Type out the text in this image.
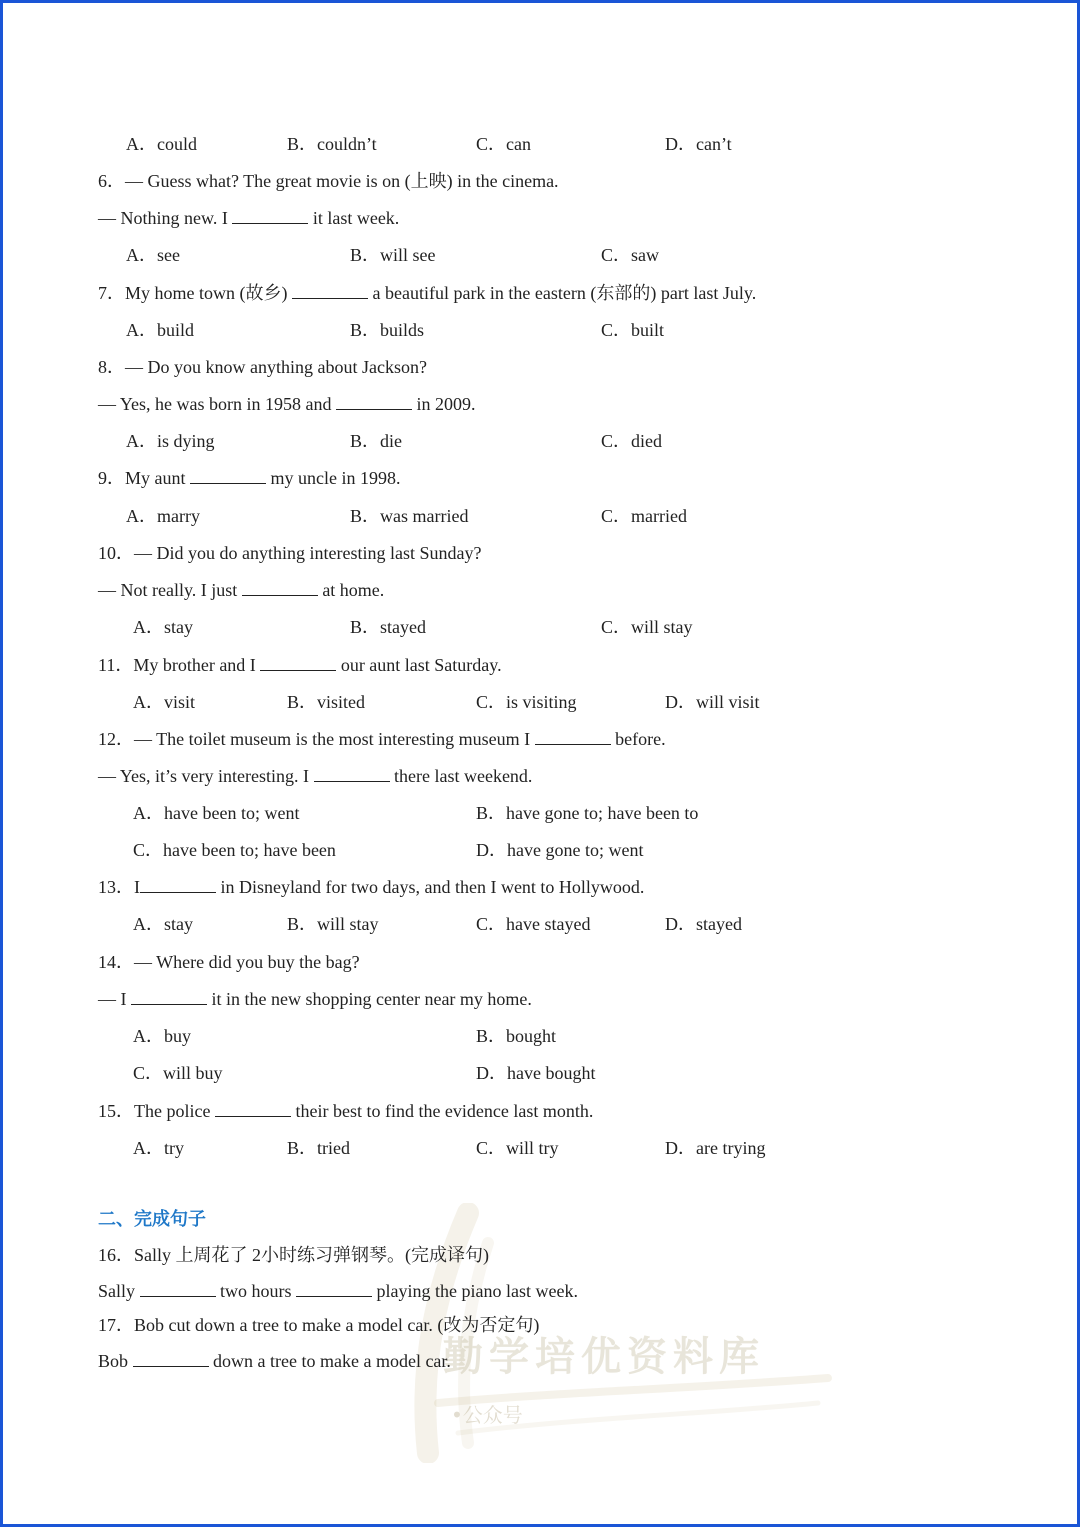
A．could	B．couldn’t	C．can	D．can’t
6．— Guess what? The great movie is on (上映) in the cinema.
— Nothing new. I	it last week.
A．see	B．will see	C．saw
7．My home town (故乡)	a beautiful park in the eastern (东部的) part last July.
A．build	B．builds	C．built
8．— Do you know anything about Jackson?
— Yes, he was born in 1958 and	in 2009.
A．is dying	B．die	C．died
9．My aunt	my uncle in 1998.
A．marry	B．was married	C．married
10．— Did you do anything interesting last Sunday?
— Not really. I just	at home.
A．stay	B．stayed	C．will stay
11．My brother and I	our aunt last Saturday.
A．visit	B．visited	C．is visiting	D．will visit
12．— The toilet museum is the most interesting museum I	before.
— Yes, it’s very interesting. I	there last weekend.
A．have been to; went	B．have gone to; have been to
C．have been to; have been	D．have gone to; went
13．I	in Disneyland for two days, and then I went to Hollywood.
A．stay	B．will stay	C．have stayed	D．stayed
14．— Where did you buy the bag?
— I	it in the new shopping center near my home.
A．buy	B．bought
C．will buy	D．have bought
15．The police	their best to find the evidence last month.
A．try	B．tried	C．will try	D．are trying
二、完成句子
勤学培优资料库
•公众号
16．Sally 上周花了 2小时练习弹钢琴。(完成译句)
Sally	two hours	playing the piano last week.
17．Bob cut down a tree to make a model car. (改为否定句)
Bob	down a tree to make a model car.
